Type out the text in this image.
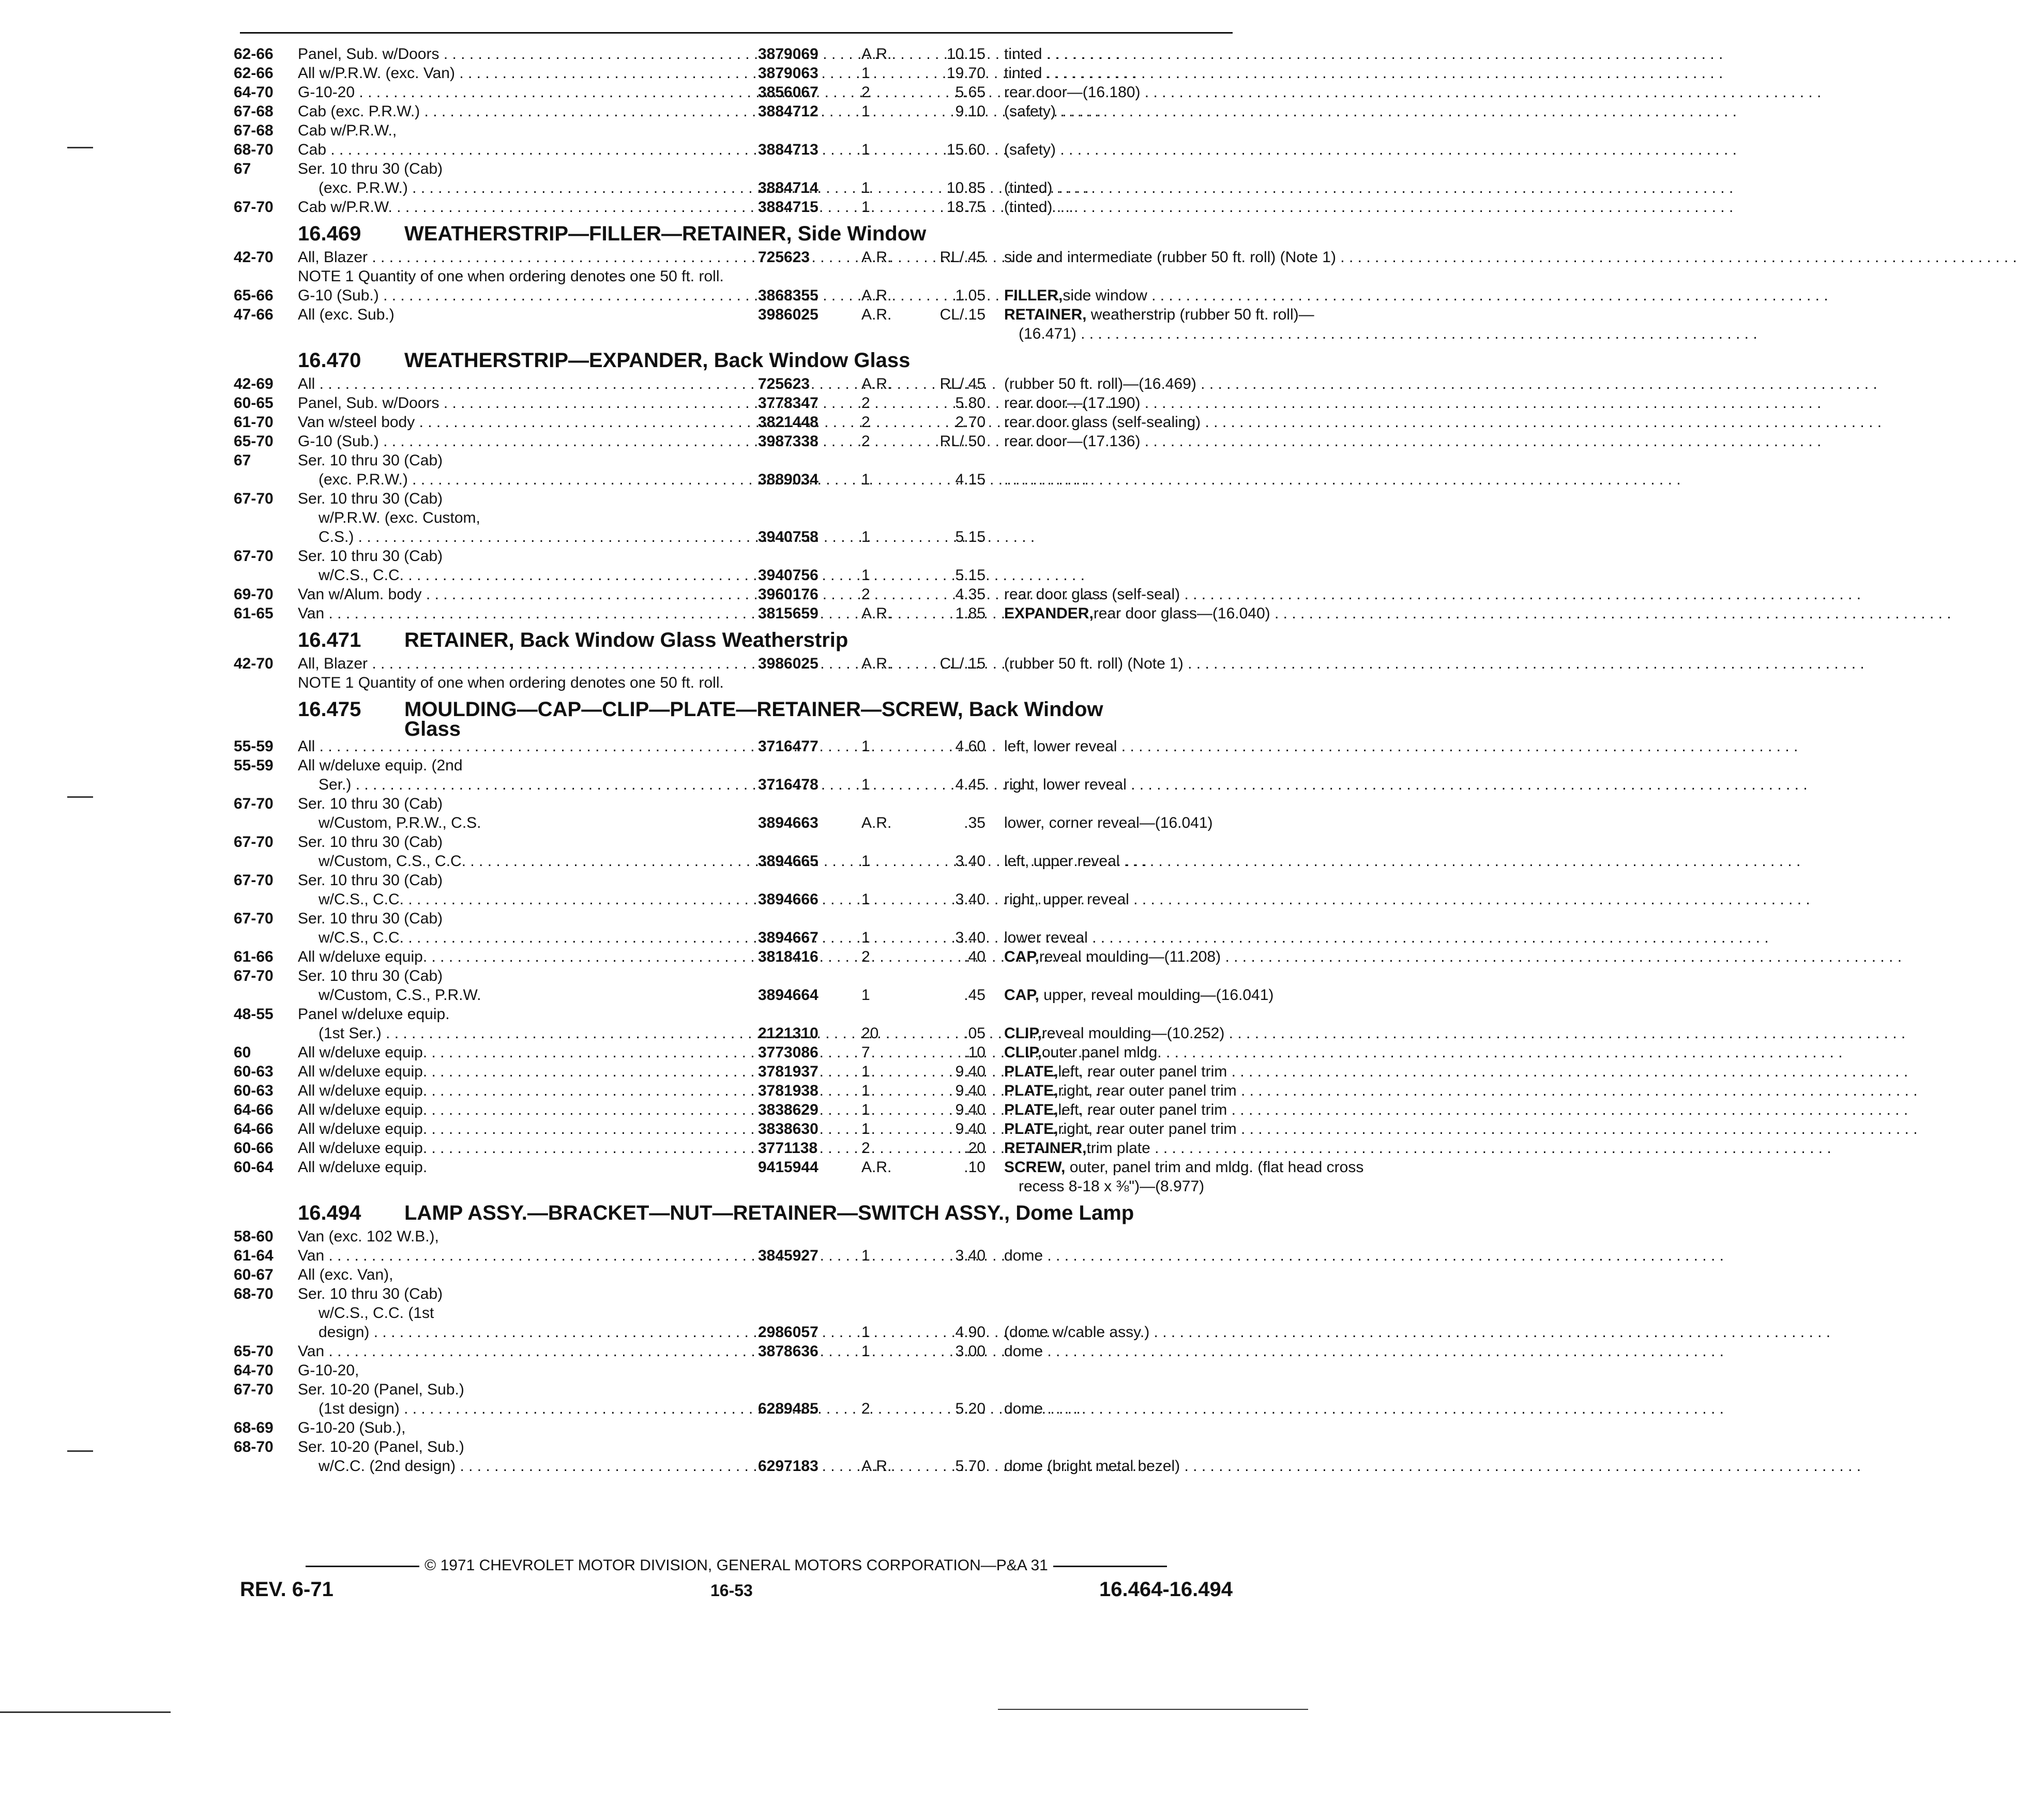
62-66	Panel, Sub. w/Doors . . .	3879069	A.R.	10.15 tinted . . .
62-66	All w/P.R.W. (exc. Van) . . .	3879063	1	19.70 tinted . . .
64-70	G-10-20 . . .	3856067	2	5.65 rear door—(16.180) . . .
67-68	Cab (exc. P.R.W.) . . .	3884712	1	9.10 (safety) . . .
67-68	Cab w/P.R.W.,
68-70	Cab . . .	3884713	1	15.60 (safety) . . .
67	Ser. 10 thru 30 (Cab)
(exc. P.R.W.) . . .	3884714	1	10.85 (tinted) . . .
67-70	Cab w/P.R.W. . . .	3884715	1	18.75 (tinted) . . .
16.469 WEATHERSTRIP—FILLER—RETAINER, Side Window
42-70	All, Blazer . . .	725623	A.R.	RL/.45 side and intermediate (rubber 50 ft. roll) (Note 1) . . .
NOTE 1 Quantity of one when ordering denotes one 50 ft. roll.
65-66	G-10 (Sub.) . . .	3868355	A.R.	1.05 FILLER,side window . . .
47-66	All (exc. Sub.)	3986025	A.R.	CL/.15 RETAINER, weatherstrip (rubber 50 ft. roll)—
(16.471) . . .
16.470 WEATHERSTRIP—EXPANDER, Back Window Glass
42-69	All . . .	725623	A.R.	RL/.45 (rubber 50 ft. roll)—(16.469) . . .
60-65	Panel, Sub. w/Doors . . .	3778347	2	5.80 rear door—(17.190) . . .
61-70	Van w/steel body . . .	3821448	2	2.70 rear door glass (self-sealing) . . .
65-70	G-10 (Sub.) . . .	3987338	2	RL/.50 rear door—(17.136) . . .
67	Ser. 10 thru 30 (Cab)
(exc. P.R.W.) . . .	3889034	1	4.15
. . .
67-70	Ser. 10 thru 30 (Cab)
w/P.R.W. (exc. Custom,
C.S.) . . .	3940758	1	5.15
67-70	Ser. 10 thru 30 (Cab)
w/C.S., C.C. . . .	3940756	1	5.15
69-70	Van w/Alum. body . . .	3960176	2	4.35 rear door glass (self-seal) . . .
61-65	Van . . .	3815659	A.R.	1.85 EXPANDER,rear door glass—(16.040) . . .
16.471 RETAINER, Back Window Glass Weatherstrip
42-70	All, Blazer . . .	3986025	A.R.	CL/.15 (rubber 50 ft. roll) (Note 1) . . .
NOTE 1 Quantity of one when ordering denotes one 50 ft. roll.
16.475 MOULDING—CAP—CLIP—PLATE—RETAINER—SCREW, Back Window
Glass
55-59	All . . .	3716477	1	4.60 left, lower reveal . . .
55-59	All w/deluxe equip. (2nd
Ser.) . . .	3716478	1	4.45 right, lower reveal . . .
67-70	Ser. 10 thru 30 (Cab)
w/Custom, P.R.W., C.S.	3894663	A.R.	.35 lower, corner reveal—(16.041)
67-70	Ser. 10 thru 30 (Cab)
w/Custom, C.S., C.C. . . .	3894665	1	3.40 left, upper reveal . . .
67-70	Ser. 10 thru 30 (Cab)
w/C.S., C.C. . . .	3894666	1	3.40 right, upper reveal . . .
67-70	Ser. 10 thru 30 (Cab)
w/C.S., C.C. . . .	3894667	1	3.40 lower reveal . . .
61-66	All w/deluxe equip. . . .	3818416	2	.40 CAP,reveal moulding—(11.208) . . .
67-70	Ser. 10 thru 30 (Cab)
w/Custom, C.S., P.R.W.	3894664	1	.45 CAP, upper, reveal moulding—(16.041)
48-55	Panel w/deluxe equip.
(1st Ser.) . . .	2121310	20	.05 CLIP,reveal moulding—(10.252) . . .
60	All w/deluxe equip. . . .	3773086	7	.10 CLIP,outer panel mldg. . . .
60-63	All w/deluxe equip. . . .	3781937	1	9.40 PLATE,left, rear outer panel trim . . .
60-63	All w/deluxe equip. . . .	3781938	1	9.40 PLATE,right, rear outer panel trim . . .
64-66	All w/deluxe equip. . . .	3838629	1	9.40 PLATE,left, rear outer panel trim . . .
64-66	All w/deluxe equip. . . .	3838630	1	9.40 PLATE,right, rear outer panel trim . . .
60-66	All w/deluxe equip. . . .	3771138	2	.20 RETAINER,trim plate . . .
60-64	All w/deluxe equip.	9415944	A.R.	.10 SCREW, outer, panel trim and mldg. (flat head cross
recess 8-18 x ⅜")—(8.977)
16.494 LAMP ASSY.—BRACKET—NUT—RETAINER—SWITCH ASSY., Dome Lamp
58-60	Van (exc. 102 W.B.),
61-64	Van . . .	3845927	1	3.40 dome . . .
60-67	All (exc. Van),
68-70	Ser. 10 thru 30 (Cab)
w/C.S., C.C. (1st
design) . . .	2986057	1	4.90 (dome w/cable assy.) . . .
65-70	Van . . .	3878636	1	3.00 dome . . .
64-70	G-10-20,
67-70	Ser. 10-20 (Panel, Sub.)
(1st design) . . .	6289485	2	5.20 dome . . .
68-69	G-10-20 (Sub.),
68-70	Ser. 10-20 (Panel, Sub.)
w/C.C. (2nd design) . . .	6297183	A.R.	5.70 dome (bright metal bezel) . . .
© 1971 CHEVROLET MOTOR DIVISION, GENERAL MOTORS CORPORATION—P&A 31
REV. 6-71	16-53	16.464-16.494
